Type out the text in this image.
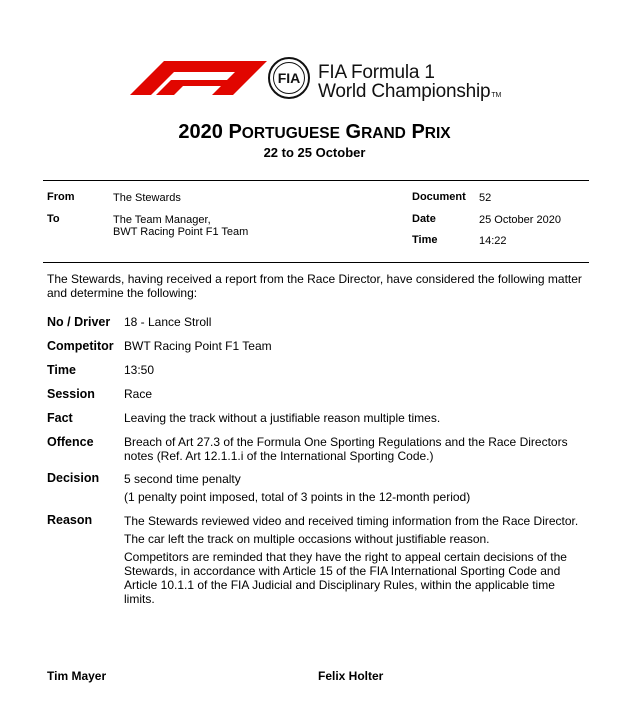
FIA FIA Formula 1
World ChampionshipTM
2020 PORTUGUESE GRAND PRIX
22 to 25 October
From	The Stewards
To	The Team Manager,
BWT Racing Point F1 Team
Document 52
Date	25 October 2020
Time	14:22
The Stewards, having received a report from the Race Director, have considered the following matter and determine the following:
No / Driver 18 - Lance Stroll
Competitor BWT Racing Point F1 Team
Time	13:50
Session Race
Fact	Leaving the track without a justifiable reason multiple times.
Offence	Breach of Art 27.3 of the Formula One Sporting Regulations and the Race Directors notes (Ref. Art 12.1.1.i of the International Sporting Code.)
Decision 5 second time penalty
(1 penalty point imposed, total of 3 points in the 12-month period)
Reason	The Stewards reviewed video and received timing information from the Race Director.
The car left the track on multiple occasions without justifiable reason.
Competitors are reminded that they have the right to appeal certain decisions of the Stewards, in accordance with Article 15 of the FIA International Sporting Code and Article 10.1.1 of the FIA Judicial and Disciplinary Rules, within the applicable time limits.
Tim Mayer	Felix Holter
